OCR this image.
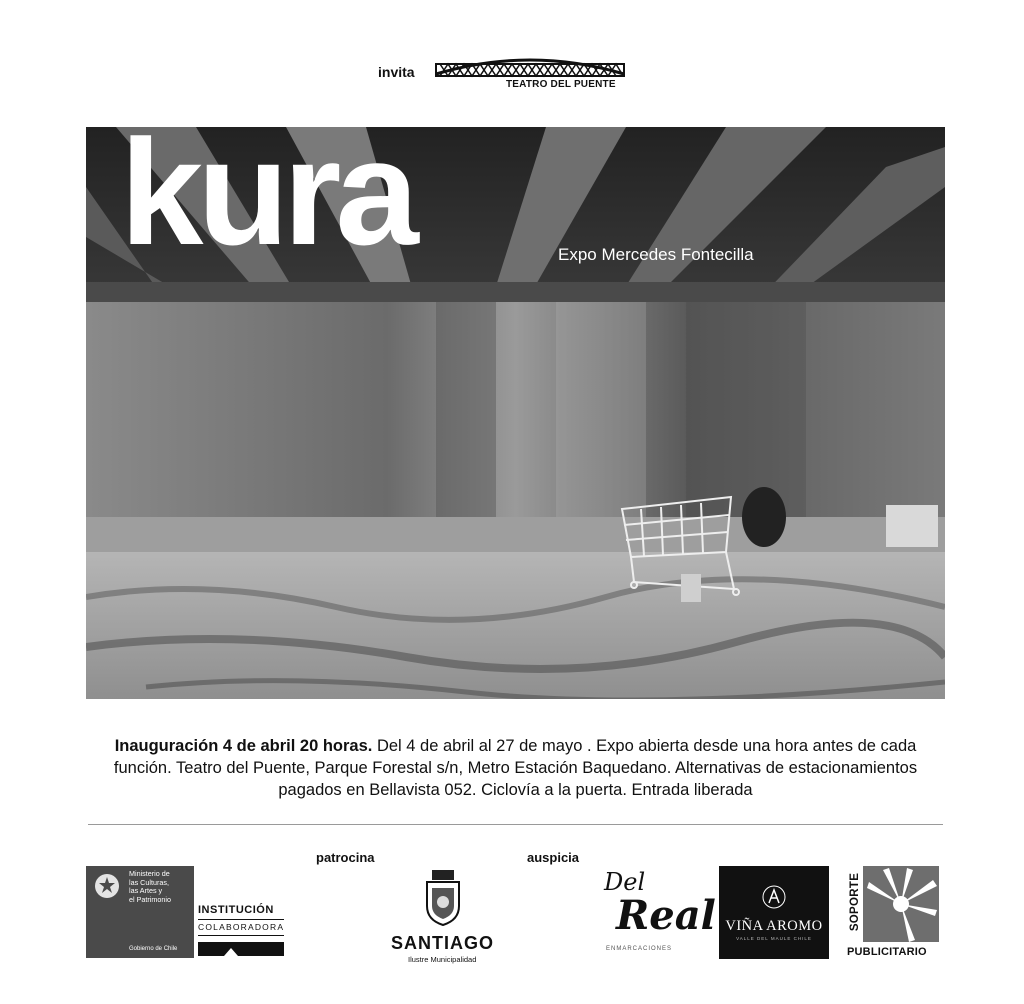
invita
TEATRO DEL PUENTE
kura	Expo Mercedes Fontecilla
Inauguración 4 de abril 20 horas. Del 4 de abril al 27 de mayo . Expo abierta desde una hora antes de cada función. Teatro del Puente, Parque Forestal s/n, Metro Estación Baquedano. Alternativas de estacionamientos pagados en Bellavista 052. Ciclovía a la puerta. Entrada liberada
patrocina	auspicia
Ministerio de
las Culturas,
las Artes y
el Patrimonio
Gobierno de Chile
INSTITUCIÓN
COLABORADORA
SANTIAGO
Ilustre Municipalidad
Del
Real
ENMARCACIONES
VIÑA AROMO
VALLE DEL MAULE CHILE
SOPORTE
PUBLICITARIO
